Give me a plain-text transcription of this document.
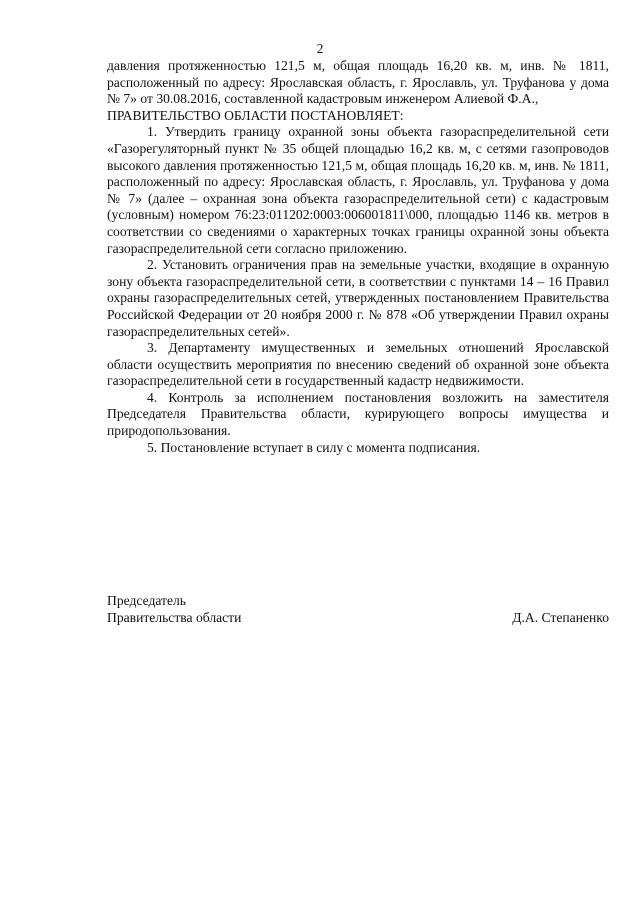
2

давления протяженностью 121,5 м, общая площадь 16,20 кв. м, инв. № 1811, расположенный по адресу: Ярославская область, г. Ярославль, ул. Труфанова у дома № 7» от 30.08.2016, составленной кадастровым инженером Алиевой Ф.А.,

ПРАВИТЕЛЬСТВО ОБЛАСТИ ПОСТАНОВЛЯЕТ:

1. Утвердить границу охранной зоны объекта газораспределительной сети «Газорегуляторный пункт № 35 общей площадью 16,2 кв. м, с сетями газопроводов высокого давления протяженностью 121,5 м, общая площадь 16,20 кв. м, инв. № 1811, расположенный по адресу: Ярославская область, г. Ярославль, ул. Труфанова у дома № 7» (далее – охранная зона объекта газораспределительной сети) с кадастровым (условным) номером 76:23:011202:0003:006001811\000, площадью 1146 кв. метров в соответствии со сведениями о характерных точках границы охранной зоны объекта газораспределительной сети согласно приложению.

2. Установить ограничения прав на земельные участки, входящие в охранную зону объекта газораспределительной сети, в соответствии с пунктами 14 – 16 Правил охраны газораспределительных сетей, утвержденных постановлением Правительства Российской Федерации от 20 ноября 2000 г. № 878 «Об утверждении Правил охраны газораспределительных сетей».

3. Департаменту имущественных и земельных отношений Ярославской области осуществить мероприятия по внесению сведений об охранной зоне объекта газораспределительной сети в государственный кадастр недвижимости.

4. Контроль за исполнением постановления возложить на заместителя Председателя Правительства области, курирующего вопросы имущества и природопользования.

5. Постановление вступает в силу с момента подписания.

Председатель
Правительства области	Д.А. Степаненко
